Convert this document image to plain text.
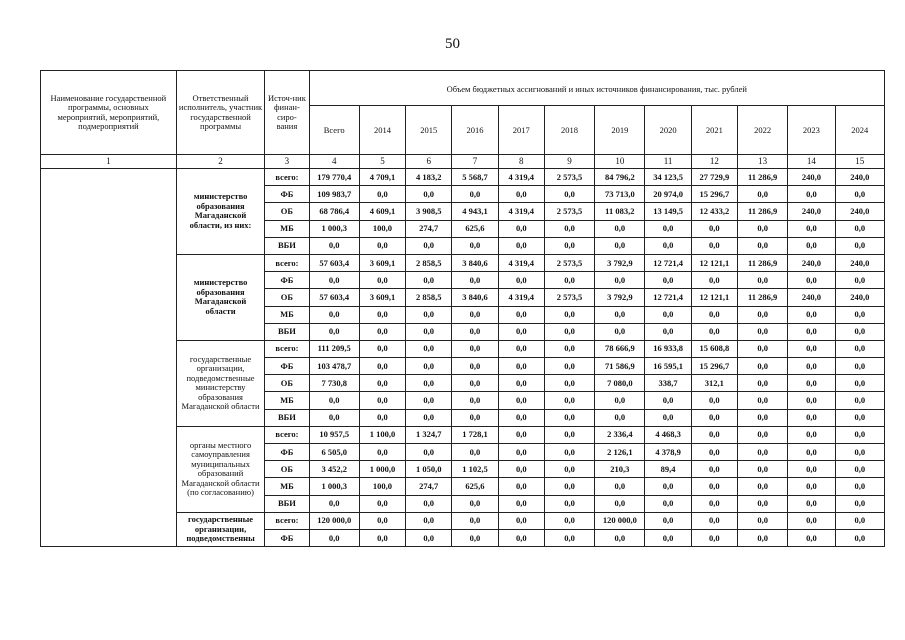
50
Наименование государственной программы, основных мероприятий, мероприятий, подмероприятий	Ответственный исполнитель, участник государственной программы	Источ-ник финан-сиро-вания	Объем бюджетных ассигнований и иных источников финансирования, тыс. рублей											
			Всего	2014	2015	2016	2017	2018	2019	2020	2021	2022	2023	2024
1	2	3	4	5	6	7	8	9	10	11	12	13	14	15
	министерство образования Магаданской области, из них:	всего:	179 770,4	4 709,1	4 183,2	5 568,7	4 319,4	2 573,5	84 796,2	34 123,5	27 729,9	11 286,9	240,0	240,0
		ФБ	109 983,7	0,0	0,0	0,0	0,0	0,0	73 713,0	20 974,0	15 296,7	0,0	0,0	0,0
		ОБ	68 786,4	4 609,1	3 908,5	4 943,1	4 319,4	2 573,5	11 083,2	13 149,5	12 433,2	11 286,9	240,0	240,0
		МБ	1 000,3	100,0	274,7	625,6	0,0	0,0	0,0	0,0	0,0	0,0	0,0	0,0
		ВБИ	0,0	0,0	0,0	0,0	0,0	0,0	0,0	0,0	0,0	0,0	0,0	0,0
	министерство образования Магаданской области	всего:	57 603,4	3 609,1	2 858,5	3 840,6	4 319,4	2 573,5	3 792,9	12 721,4	12 121,1	11 286,9	240,0	240,0
		ФБ	0,0	0,0	0,0	0,0	0,0	0,0	0,0	0,0	0,0	0,0	0,0	0,0
		ОБ	57 603,4	3 609,1	2 858,5	3 840,6	4 319,4	2 573,5	3 792,9	12 721,4	12 121,1	11 286,9	240,0	240,0
		МБ	0,0	0,0	0,0	0,0	0,0	0,0	0,0	0,0	0,0	0,0	0,0	0,0
		ВБИ	0,0	0,0	0,0	0,0	0,0	0,0	0,0	0,0	0,0	0,0	0,0	0,0
	государственные организации, подведомственные министерству образования Магаданской области	всего:	111 209,5	0,0	0,0	0,0	0,0	0,0	78 666,9	16 933,8	15 608,8	0,0	0,0	0,0
		ФБ	103 478,7	0,0	0,0	0,0	0,0	0,0	71 586,9	16 595,1	15 296,7	0,0	0,0	0,0
		ОБ	7 730,8	0,0	0,0	0,0	0,0	0,0	7 080,0	338,7	312,1	0,0	0,0	0,0
		МБ	0,0	0,0	0,0	0,0	0,0	0,0	0,0	0,0	0,0	0,0	0,0	0,0
		ВБИ	0,0	0,0	0,0	0,0	0,0	0,0	0,0	0,0	0,0	0,0	0,0	0,0
	органы местного самоуправления муниципальных образований Магаданской области (по согласованию)	всего:	10 957,5	1 100,0	1 324,7	1 728,1	0,0	0,0	2 336,4	4 468,3	0,0	0,0	0,0	0,0
		ФБ	6 505,0	0,0	0,0	0,0	0,0	0,0	2 126,1	4 378,9	0,0	0,0	0,0	0,0
		ОБ	3 452,2	1 000,0	1 050,0	1 102,5	0,0	0,0	210,3	89,4	0,0	0,0	0,0	0,0
		МБ	1 000,3	100,0	274,7	625,6	0,0	0,0	0,0	0,0	0,0	0,0	0,0	0,0
		ВБИ	0,0	0,0	0,0	0,0	0,0	0,0	0,0	0,0	0,0	0,0	0,0	0,0
	государственные организации, подведомственны	всего:	120 000,0	0,0	0,0	0,0	0,0	0,0	120 000,0	0,0	0,0	0,0	0,0	0,0
		ФБ	0,0	0,0	0,0	0,0	0,0	0,0	0,0	0,0	0,0	0,0	0,0	0,0
